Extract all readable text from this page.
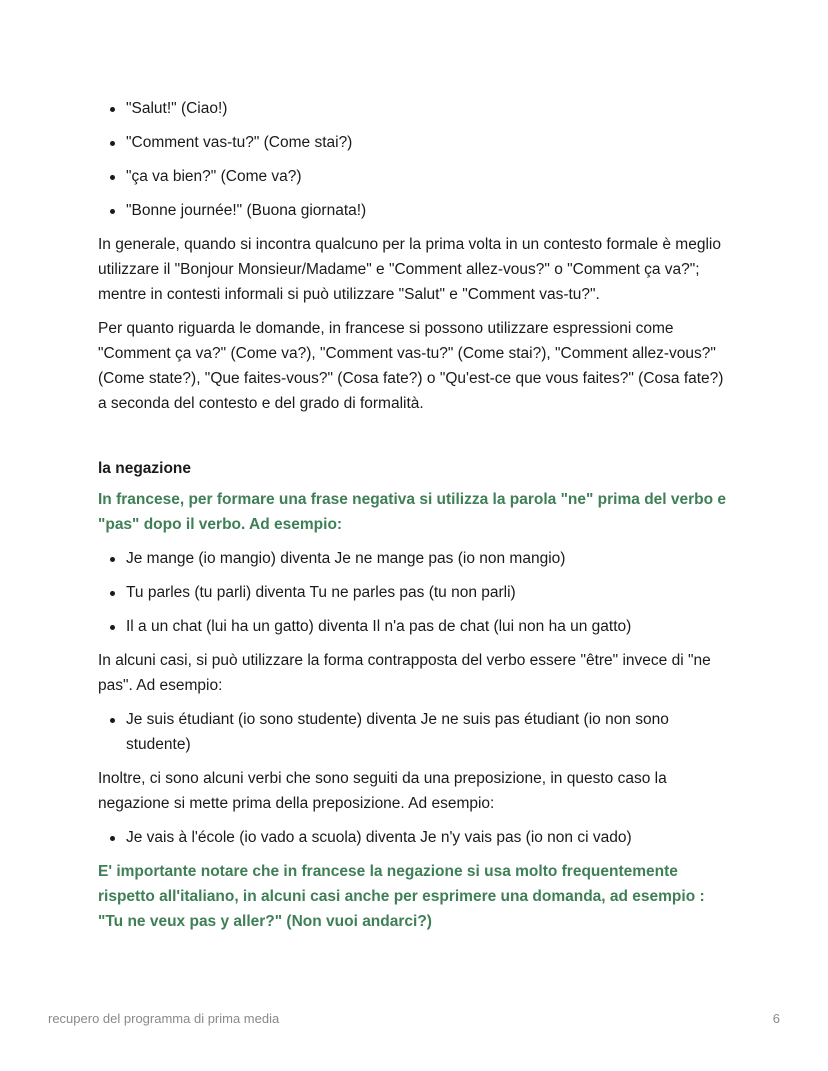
"Salut!" (Ciao!)
"Comment vas-tu?" (Come stai?)
"ça va bien?" (Come va?)
"Bonne journée!" (Buona giornata!)

In generale, quando si incontra qualcuno per la prima volta in un contesto formale è meglio utilizzare il "Bonjour Monsieur/Madame" e "Comment allez-vous?" o "Comment ça va?"; mentre in contesti informali si può utilizzare "Salut" e "Comment vas-tu?".

Per quanto riguarda le domande, in francese si possono utilizzare espressioni come "Comment ça va?" (Come va?), "Comment vas-tu?" (Come stai?), "Comment allez-vous?" (Come state?), "Que faites-vous?" (Cosa fate?) o "Qu'est-ce que vous faites?" (Cosa fate?) a seconda del contesto e del grado di formalità.

la negazione

In francese, per formare una frase negativa si utilizza la parola "ne" prima del verbo e "pas" dopo il verbo. Ad esempio:

Je mange (io mangio) diventa Je ne mange pas (io non mangio)
Tu parles (tu parli) diventa Tu ne parles pas (tu non parli)
Il a un chat (lui ha un gatto) diventa Il n'a pas de chat (lui non ha un gatto)

In alcuni casi, si può utilizzare la forma contrapposta del verbo essere "être" invece di "ne pas". Ad esempio:

Je suis étudiant (io sono studente) diventa Je ne suis pas étudiant (io non sono studente)

Inoltre, ci sono alcuni verbi che sono seguiti da una preposizione, in questo caso la negazione si mette prima della preposizione. Ad esempio:

Je vais à l'école (io vado a scuola) diventa Je n'y vais pas (io non ci vado)

E' importante notare che in francese la negazione si usa molto frequentemente rispetto all'italiano, in alcuni casi anche per esprimere una domanda, ad esempio : "Tu ne veux pas y aller?" (Non vuoi andarci?)

recupero del programma di prima media	6
